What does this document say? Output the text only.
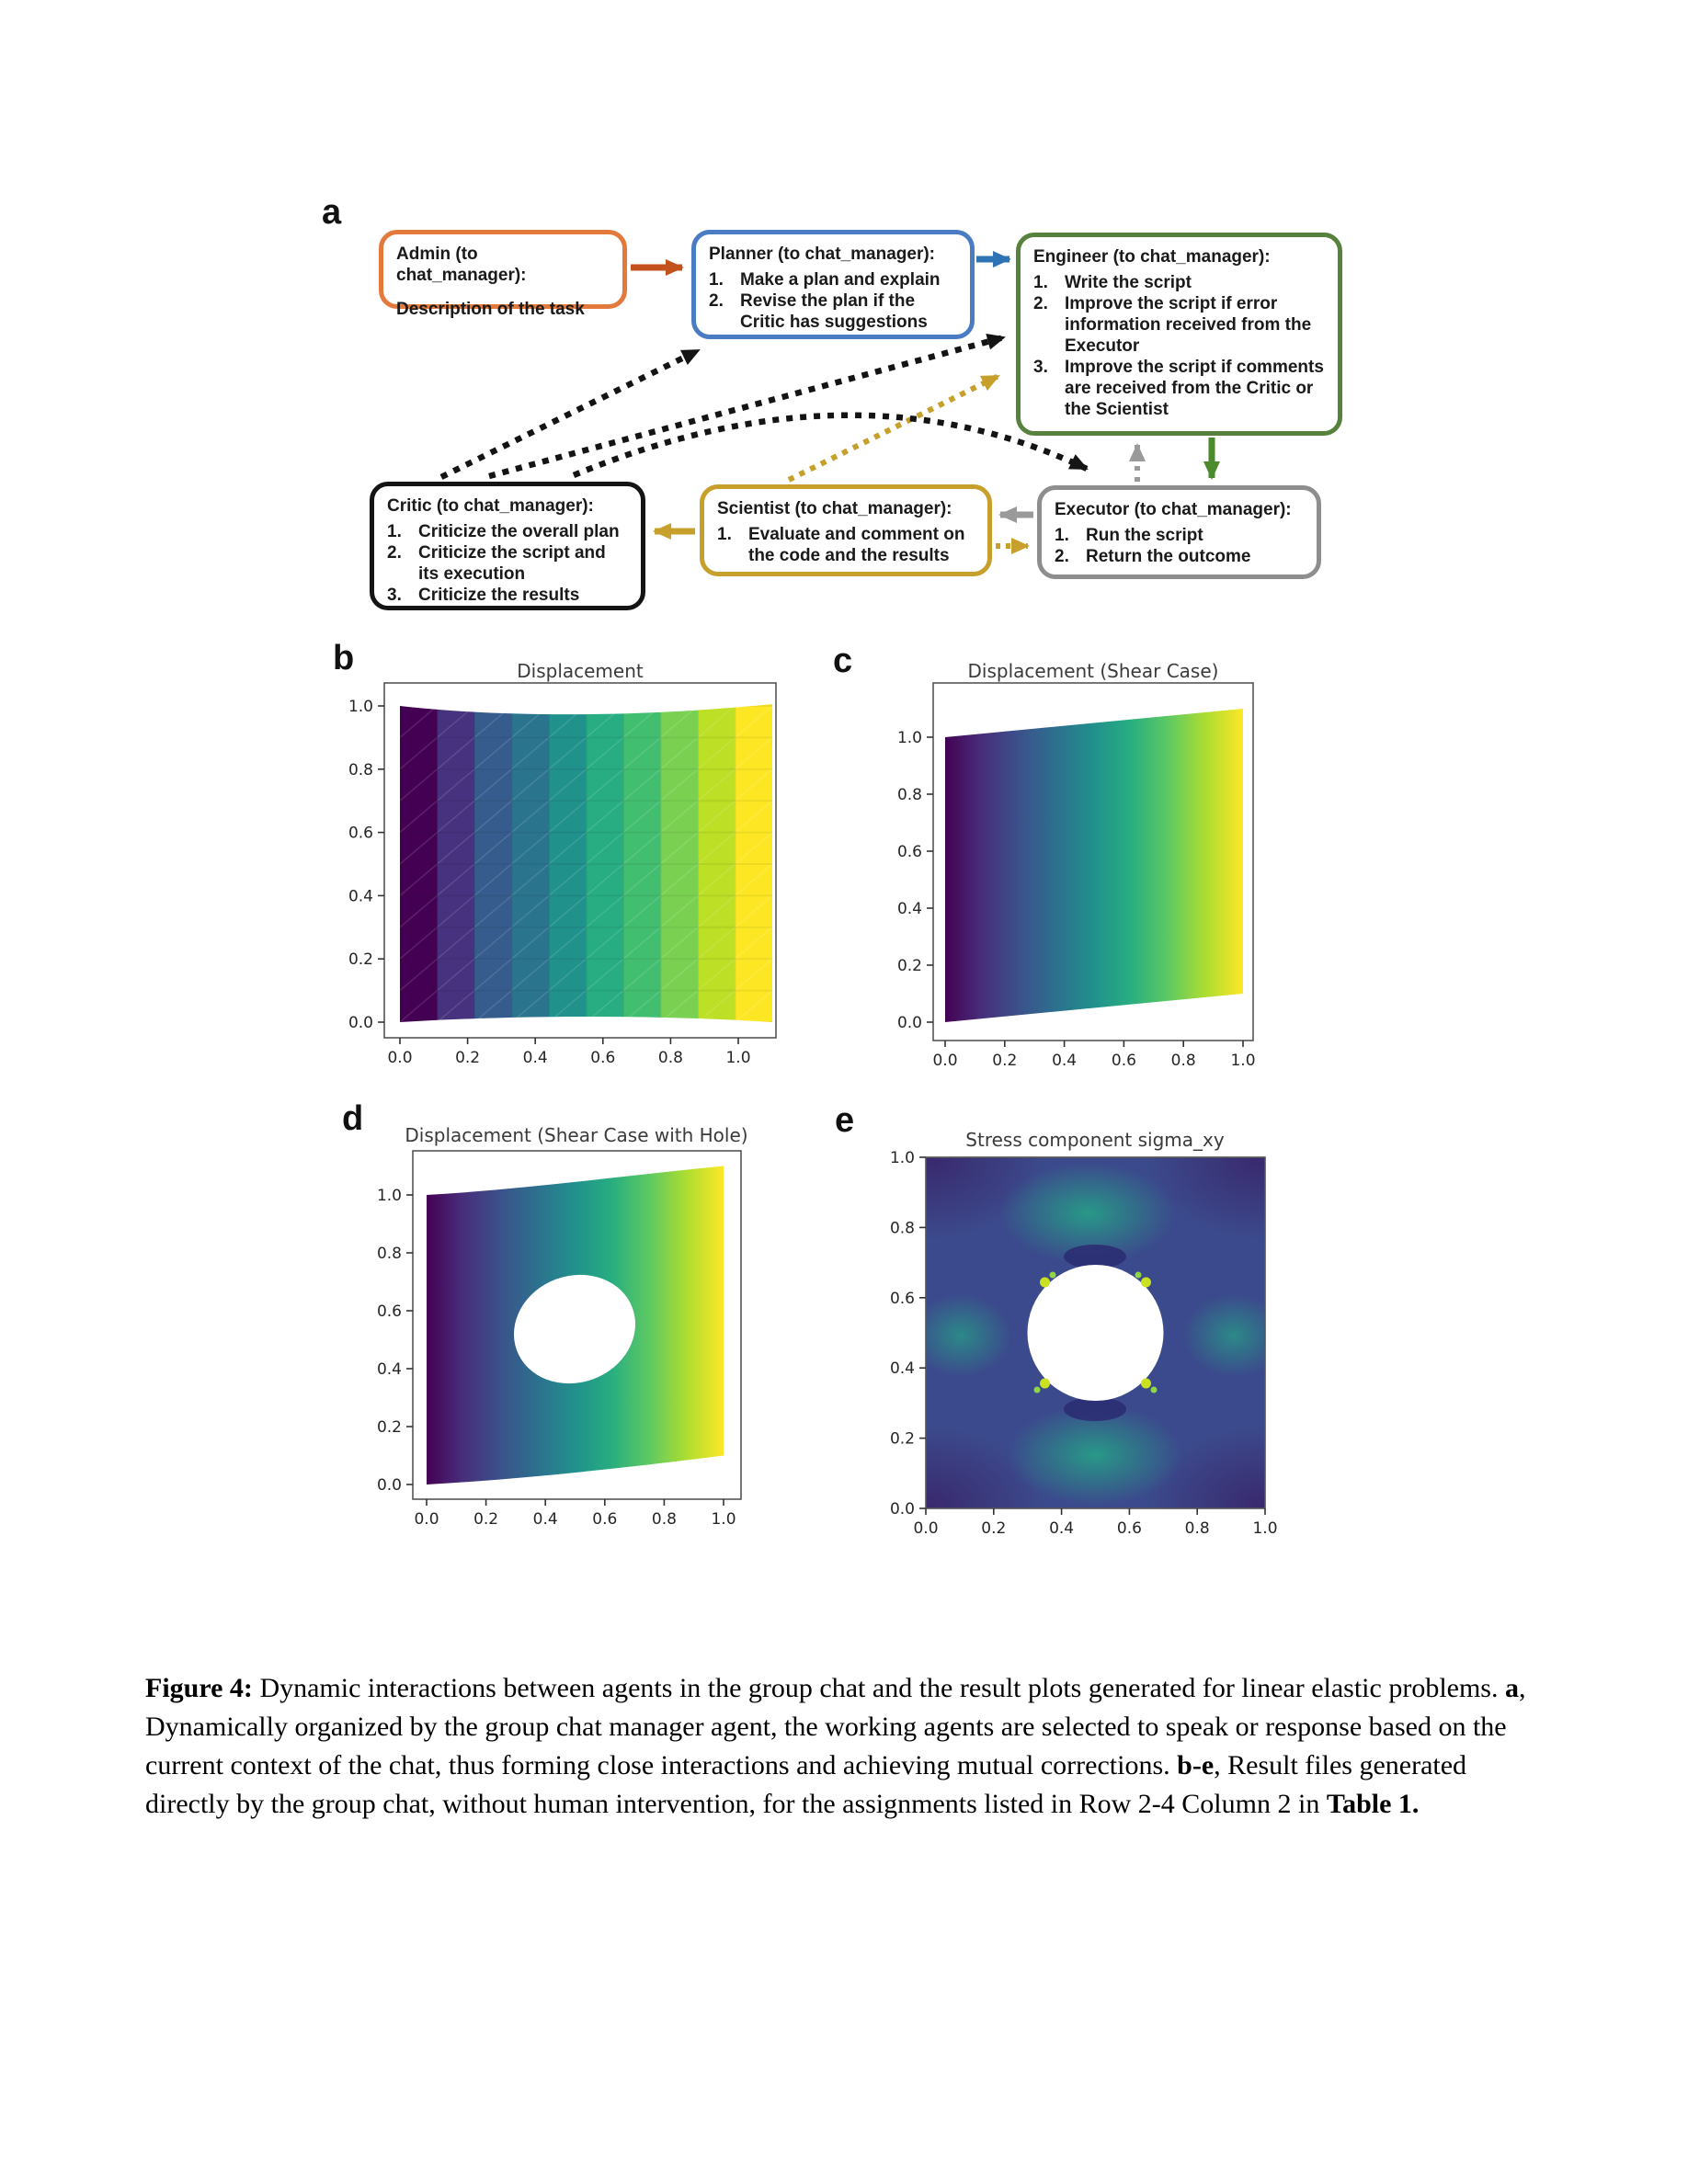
a
b	c
d	e
Admin (to chat_manager):
Description of the task
Planner (to chat_manager):
Make a plan and explain
Revise the plan if the Critic has suggestions
Engineer (to chat_manager):
Write the script
Improve the script if error information received from the Executor
Improve the script if comments are received from the Critic or the Scientist
Critic (to chat_manager):
Criticize the overall plan
Criticize the script and its execution
Criticize the results
Scientist (to chat_manager):
Evaluate and comment on the code and the results
Executor (to chat_manager):
Run the script
Return the outcome
Displacement
0.0	0.2	0.4	0.6	0.8	1.0
0.0
0.2
0.4
0.6
0.8
1.0
Displacement (Shear Case)
0.0 0.2 0.4 0.6 0.8 1.0
0.0
0.2
0.4
0.6
0.8
1.0
Displacement (Shear Case with Hole)
0.0 0.2 0.4 0.6 0.8 1.0
0.0
0.2
0.4
0.6
0.8
1.0
Stress component sigma_xy
0.0	0.2	0.4	0.6	0.8	1.0
0.0
0.2
0.4
0.6
0.8
1.0

Figure 4: Dynamic interactions between agents in the group chat and the result plots generated for linear elastic problems. a, Dynamically organized by the group chat manager agent, the working agents are selected to speak or response based on the current context of the chat, thus forming close interactions and achieving mutual corrections. b-e, Result files generated directly by the group chat, without human intervention, for the assignments listed in Row 2-4 Column 2 in Table 1.
